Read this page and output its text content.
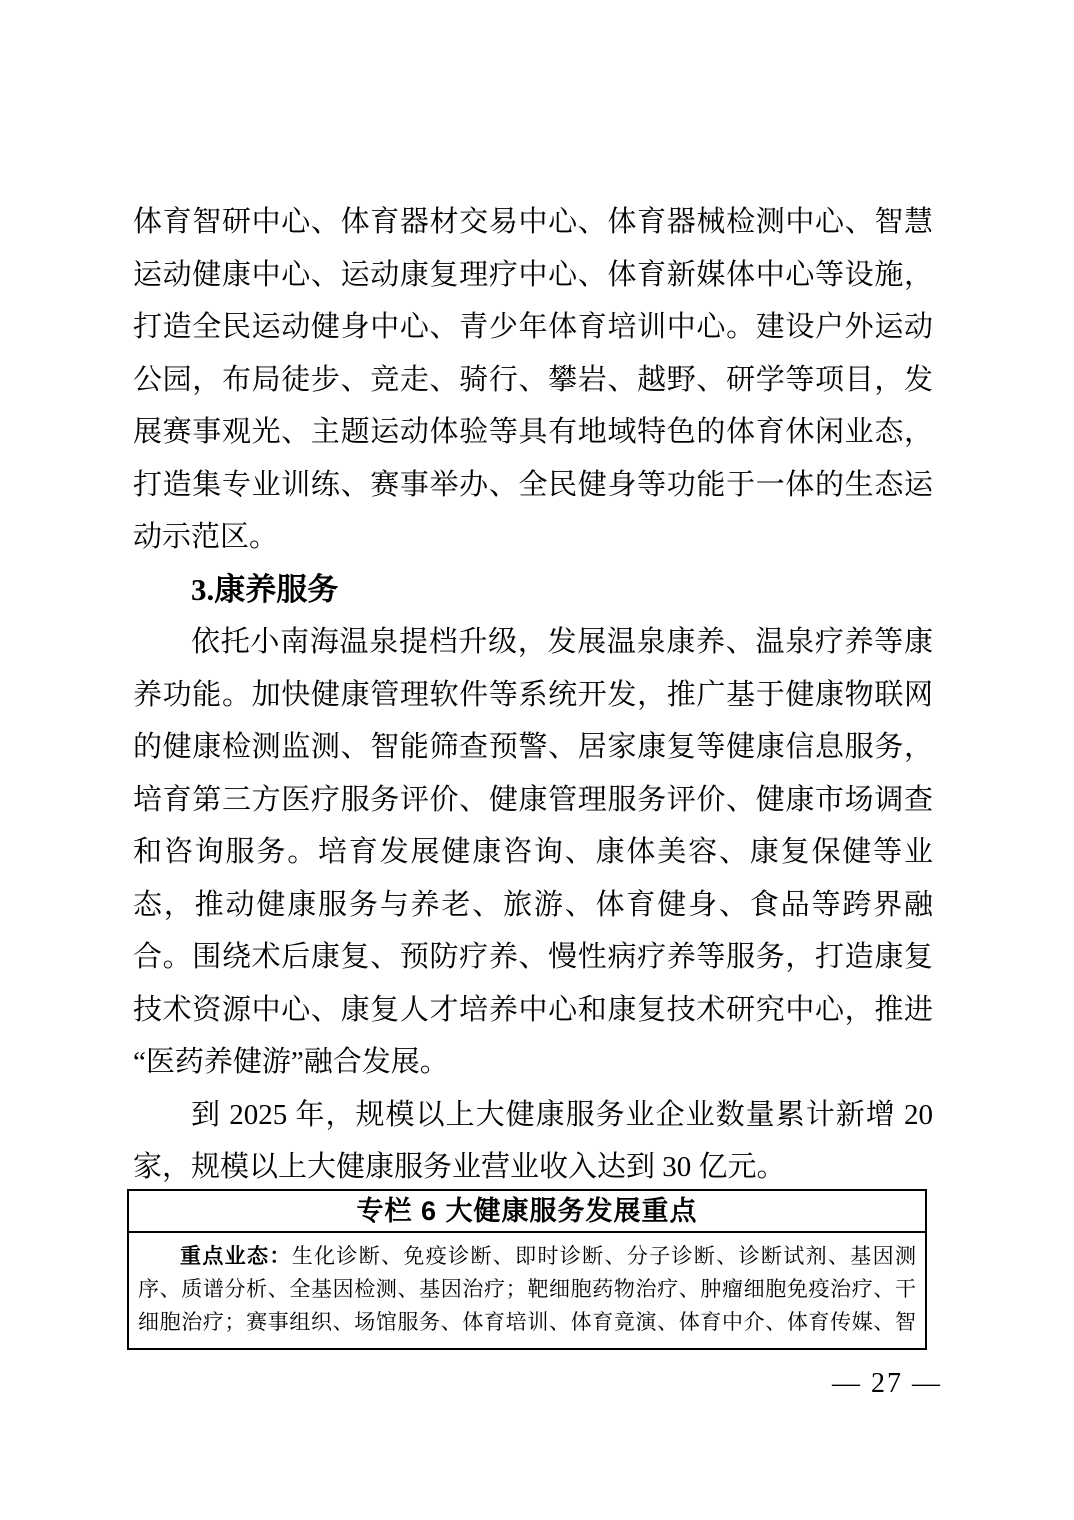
体育智研中心、体育器材交易中心、体育器械检测中心、智慧

运动健康中心、运动康复理疗中心、体育新媒体中心等设施，

打造全民运动健身中心、青少年体育培训中心。建设户外运动

公园，布局徒步、竞走、骑行、攀岩、越野、研学等项目，发

展赛事观光、主题运动体验等具有地域特色的体育休闲业态，

打造集专业训练、赛事举办、全民健身等功能于一体的生态运

动示范区。

3.康养服务

依托小南海温泉提档升级，发展温泉康养、温泉疗养等康

养功能。加快健康管理软件等系统开发，推广基于健康物联网

的健康检测监测、智能筛查预警、居家康复等健康信息服务，

培育第三方医疗服务评价、健康管理服务评价、健康市场调查

和咨询服务。培育发展健康咨询、康体美容、康复保健等业

态，推动健康服务与养老、旅游、体育健身、食品等跨界融

合。围绕术后康复、预防疗养、慢性病疗养等服务，打造康复

技术资源中心、康复人才培养中心和康复技术研究中心，推进

“医药养健游”融合发展。

到 2025 年，规模以上大健康服务业企业数量累计新增 20

家，规模以上大健康服务业营业收入达到 30 亿元。

专栏 6 大健康服务发展重点

重点业态：生化诊断、免疫诊断、即时诊断、分子诊断、诊断试剂、基因测

序、质谱分析、全基因检测、基因治疗；靶细胞药物治疗、肿瘤细胞免疫治疗、干

细胞治疗；赛事组织、场馆服务、体育培训、体育竟演、体育中介、体育传媒、智

— 27 —
